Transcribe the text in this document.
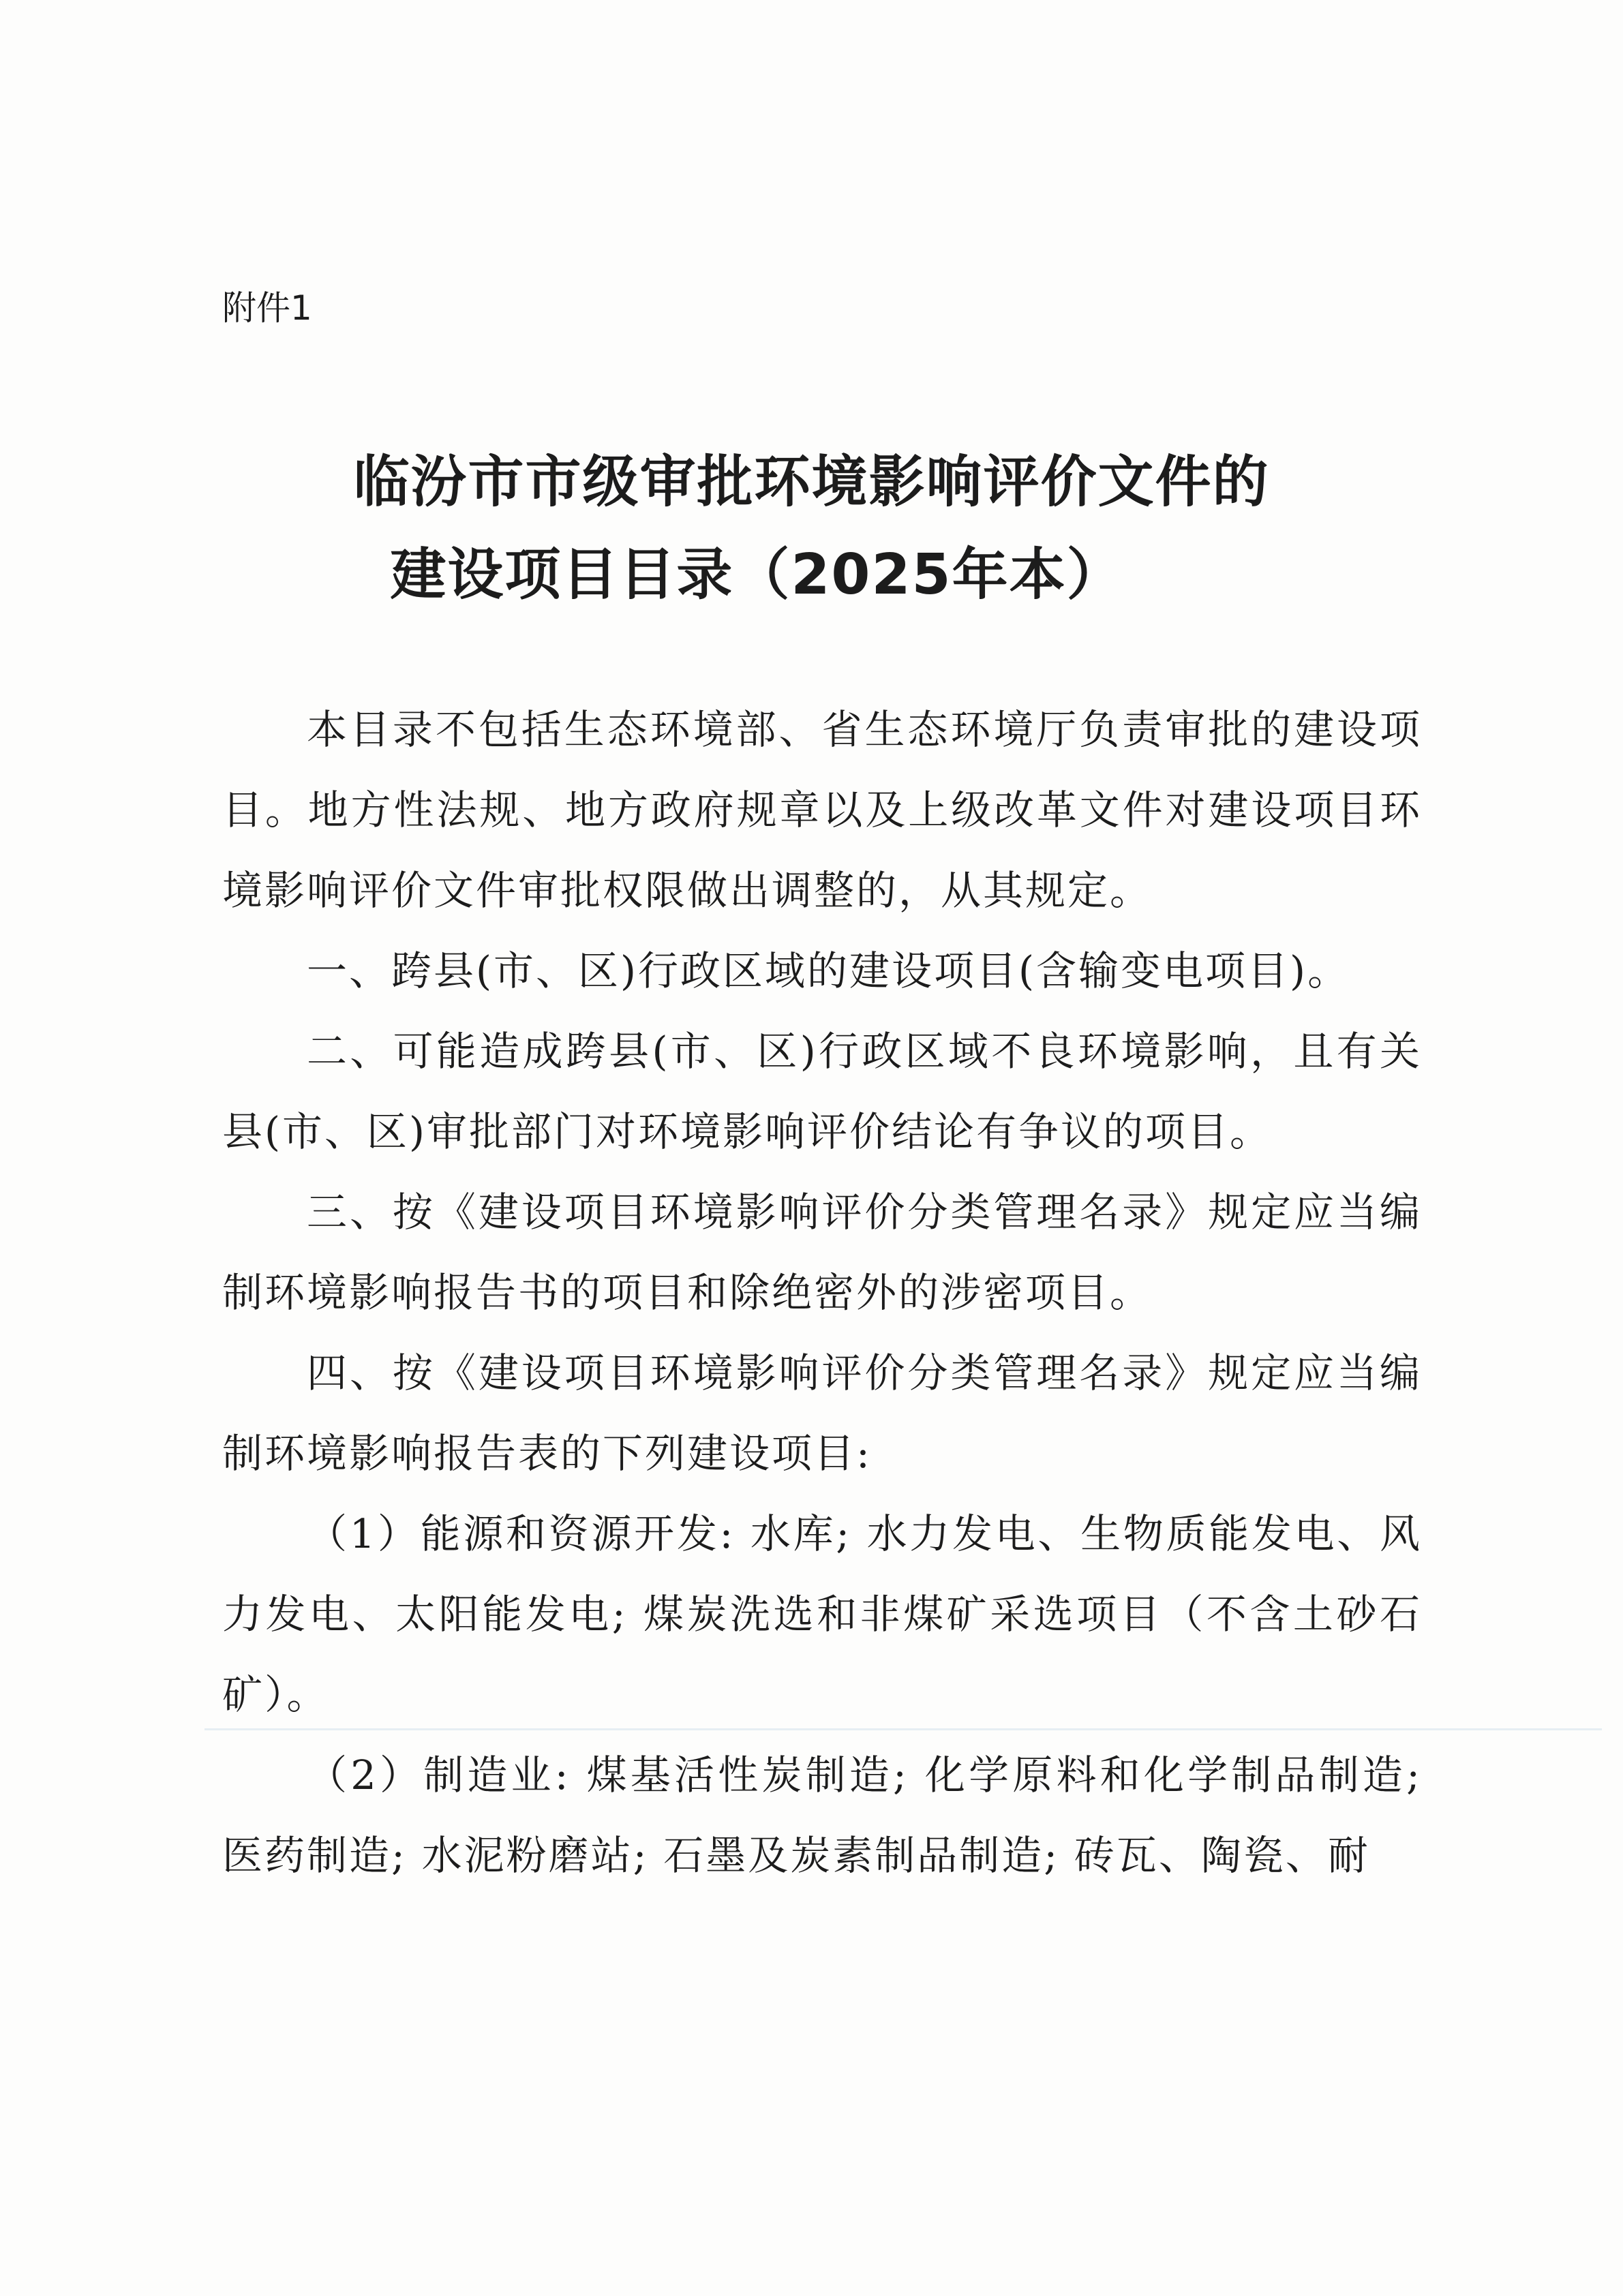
附件1

临汾市市级审批环境影响评价文件的
建设项目目录（2025年本）

本目录不包括生态环境部、省生态环境厅负责审批的建设项目。地方性法规、地方政府规章以及上级改革文件对建设项目环境影响评价文件审批权限做出调整的，从其规定。

一、跨县(市、区)行政区域的建设项目(含输变电项目)。

二、可能造成跨县(市、区)行政区域不良环境影响，且有关县(市、区)审批部门对环境影响评价结论有争议的项目。

三、按《建设项目环境影响评价分类管理名录》规定应当编制环境影响报告书的项目和除绝密外的涉密项目。

四、按《建设项目环境影响评价分类管理名录》规定应当编制环境影响报告表的下列建设项目:

（1）能源和资源开发: 水库; 水力发电、生物质能发电、风力发电、太阳能发电; 煤炭洗选和非煤矿采选项目（不含土砂石矿）。

（2）制造业: 煤基活性炭制造; 化学原料和化学制品制造; 医药制造; 水泥粉磨站; 石墨及炭素制品制造; 砖瓦、陶瓷、耐
